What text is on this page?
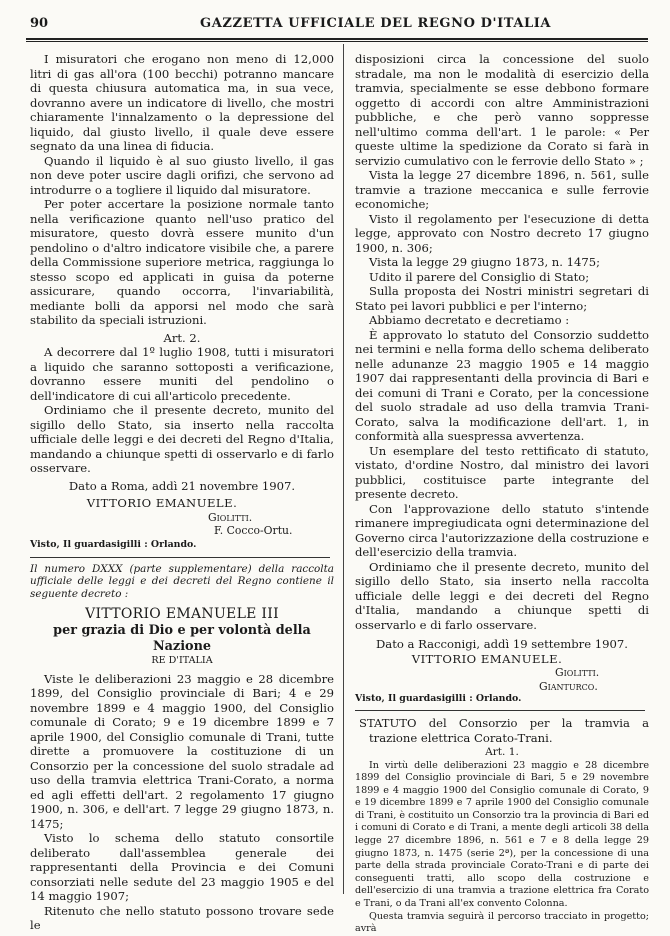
90	GAZZETTA UFFICIALE DEL REGNO D'ITALIA

I misuratori che erogano non meno di 12,000 litri di gas all'ora (100 becchi) potranno mancare di questa chiusura automatica ma, in sua vece, dovranno avere un indicatore di livello, che mostri chiaramente l'innalzamento o la depressione del liquido, dal giusto livello, il quale deve essere segnato da una linea di fiducia.

Quando il liquido è al suo giusto livello, il gas non deve poter uscire dagli orifizi, che servono ad introdurre o a togliere il liquido dal misuratore.

Per poter accertare la posizione normale tanto nella verificazione quanto nell'uso pratico del misuratore, questo dovrà essere munito d'un pendolino o d'altro indicatore visibile che, a parere della Commissione superiore metrica, raggiunga lo stesso scopo ed applicati in guisa da poterne assicurare, quando occorra, l'invariabilità, mediante bolli da apporsi nel modo che sarà stabilito da speciali istruzioni.

Art. 2.

A decorrere dal 1º luglio 1908, tutti i misuratori a liquido che saranno sottoposti a verificazione, dovranno essere muniti del pendolino o dell'indicatore di cui all'articolo precedente.

Ordiniamo che il presente decreto, munito del sigillo dello Stato, sia inserto nella raccolta ufficiale delle leggi e dei decreti del Regno d'Italia, mandando a chiunque spetti di osservarlo e di farlo osservare.

Dato a Roma, addì 21 novembre 1907.

VITTORIO EMANUELE.

Giolitti.

F. Cocco-Ortu.

Visto, Il guardasigilli : Orlando.

Il numero DXXX (parte supplementare) della raccolta ufficiale delle leggi e dei decreti del Regno contiene il seguente decreto :

VITTORIO EMANUELE III

per grazia di Dio e per volontà della Nazione

RE D'ITALIA

Viste le deliberazioni 23 maggio e 28 dicembre 1899, del Consiglio provinciale di Bari; 4 e 29 novembre 1899 e 4 maggio 1900, del Consiglio comunale di Corato; 9 e 19 dicembre 1899 e 7 aprile 1900, del Consiglio comunale di Trani, tutte dirette a promuovere la costituzione di un Consorzio per la concessione del suolo stradale ad uso della tramvia elettrica Trani-Corato, a norma ed agli effetti dell'art. 2 regolamento 17 giugno 1900, n. 306, e dell'art. 7 legge 29 giugno 1873, n. 1475;

Visto lo schema dello statuto consortile deliberato dall'assemblea generale dei rappresentanti della Provincia e dei Comuni consorziati nelle sedute del 23 maggio 1905 e del 14 maggio 1907;

Ritenuto che nello statuto possono trovare sede le

disposizioni circa la concessione del suolo stradale, ma non le modalità di esercizio della tramvia, specialmente se esse debbono formare oggetto di accordi con altre Amministrazioni pubbliche, e che però vanno soppresse nell'ultimo comma dell'art. 1 le parole: « Per queste ultime la spedizione da Corato si farà in servizio cumulativo con le ferrovie dello Stato » ;

Vista la legge 27 dicembre 1896, n. 561, sulle tramvie a trazione meccanica e sulle ferrovie economiche;

Visto il regolamento per l'esecuzione di detta legge, approvato con Nostro decreto 17 giugno 1900, n. 306;

Vista la legge 29 giugno 1873, n. 1475;

Udito il parere del Consiglio di Stato;

Sulla proposta dei Nostri ministri segretari di Stato pei lavori pubblici e per l'interno;

Abbiamo decretato e decretiamo :

È approvato lo statuto del Consorzio suddetto nei termini e nella forma dello schema deliberato nelle adunanze 23 maggio 1905 e 14 maggio 1907 dai rappresentanti della provincia di Bari e dei comuni di Trani e Corato, per la concessione del suolo stradale ad uso della tramvia Trani-Corato, salva la modificazione dell'art. 1, in conformità alla suespressa avvertenza.

Un esemplare del testo rettificato di statuto, vistato, d'ordine Nostro, dal ministro dei lavori pubblici, costituisce parte integrante del presente decreto.

Con l'approvazione dello statuto s'intende rimanere impregiudicata ogni determinazione del Governo circa l'autorizzazione della costruzione e dell'esercizio della tramvia.

Ordiniamo che il presente decreto, munito del sigillo dello Stato, sia inserto nella raccolta ufficiale delle leggi e dei decreti del Regno d'Italia, mandando a chiunque spetti di osservarlo e di farlo osservare.

Dato a Racconigi, addì 19 settembre 1907.

VITTORIO EMANUELE.

Giolitti.

Gianturco.

Visto, Il guardasigilli : Orlando.

STATUTO del Consorzio per la tramvia a trazione elettrica Corato-Trani.

Art. 1.

In virtù delle deliberazioni 23 maggio e 28 dicembre 1899 del Consiglio provinciale di Bari, 5 e 29 novembre 1899 e 4 maggio 1900 del Consiglio comunale di Corato, 9 e 19 dicembre 1899 e 7 aprile 1900 del Consiglio comunale di Trani, è costituito un Consorzio tra la provincia di Bari ed i comuni di Corato e di Trani, a mente degli articoli 38 della legge 27 dicembre 1896, n. 561 e 7 e 8 della legge 29 giugno 1873, n. 1475 (serie 2ª), per la concessione di una parte della strada provinciale Corato-Trani e di parte dei conseguenti tratti, allo scopo della costruzione e dell'esercizio di una tramvia a trazione elettrica fra Corato e Trani, o da Trani all'ex convento Colonna.

Questa tramvia seguirà il percorso tracciato in progetto; avrà
